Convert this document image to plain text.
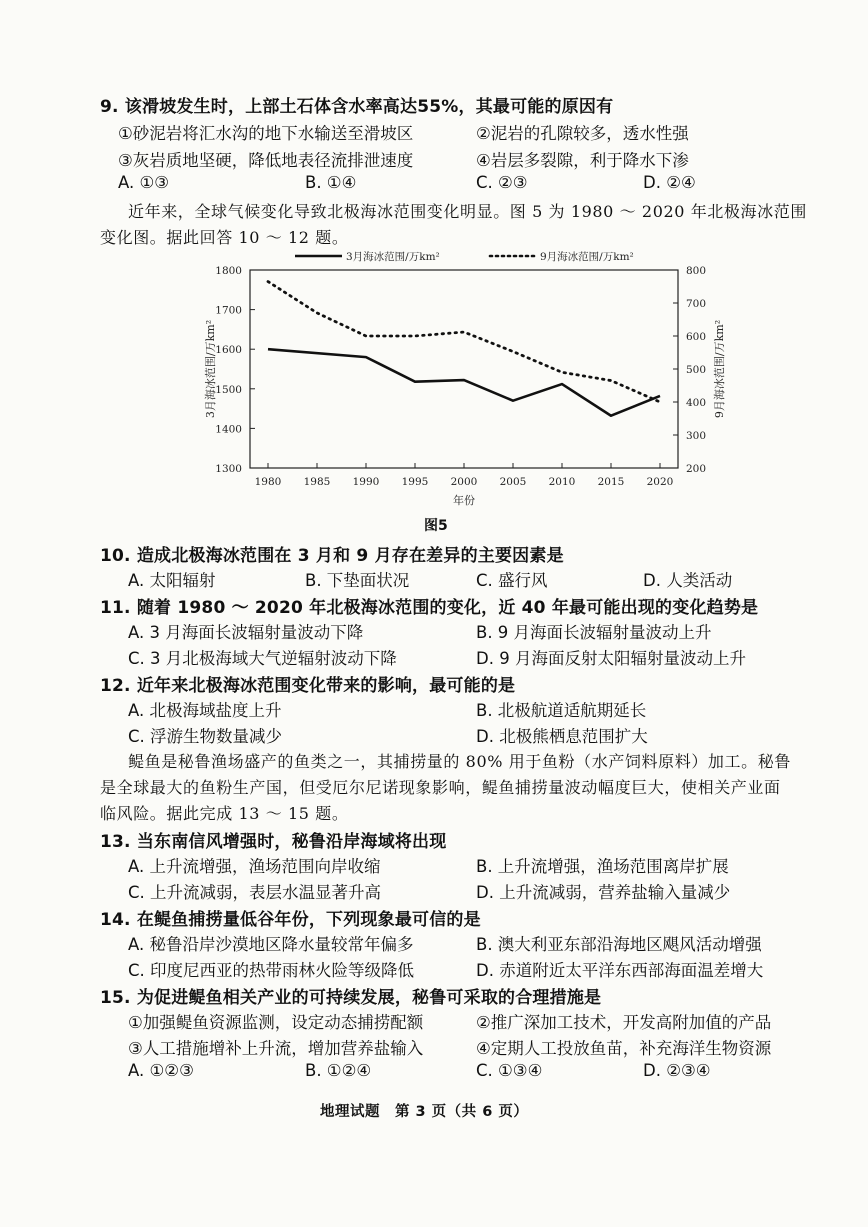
9. 该滑坡发生时，上部土石体含水率高达55%，其最可能的原因有
①砂泥岩将汇水沟的地下水输送至滑坡区	②泥岩的孔隙较多，透水性强
③灰岩质地坚硬，降低地表径流排泄速度	④岩层多裂隙，利于降水下渗
A. ①③	B. ①④	C. ②③	D. ②④
近年来，全球气候变化导致北极海冰范围变化明显。图 5 为 1980 ～ 2020 年北极海冰范围
变化图。据此回答 10 ～ 12 题。
3月海冰范围/万km²	9月海冰范围/万km²
1800
1700
1600
1500
1400
1300
800
700
600
500
400
300
200
1980 1985 1990 1995 2000 2005 2010 2015 2020
3月海冰范围/万km²	9月海冰范围/万km²
年份
图5
10. 造成北极海冰范围在 3 月和 9 月存在差异的主要因素是
A. 太阳辐射	B. 下垫面状况	C. 盛行风	D. 人类活动
11. 随着 1980 ～ 2020 年北极海冰范围的变化，近 40 年最可能出现的变化趋势是
A. 3 月海面长波辐射量波动下降	B. 9 月海面长波辐射量波动上升
C. 3 月北极海域大气逆辐射波动下降	D. 9 月海面反射太阳辐射量波动上升
12. 近年来北极海冰范围变化带来的影响，最可能的是
A. 北极海域盐度上升	B. 北极航道适航期延长
C. 浮游生物数量减少	D. 北极熊栖息范围扩大
鳀鱼是秘鲁渔场盛产的鱼类之一，其捕捞量的 80% 用于鱼粉（水产饲料原料）加工。秘鲁
是全球最大的鱼粉生产国，但受厄尔尼诺现象影响，鳀鱼捕捞量波动幅度巨大，使相关产业面
临风险。据此完成 13 ～ 15 题。
13. 当东南信风增强时，秘鲁沿岸海域将出现
A. 上升流增强，渔场范围向岸收缩	B. 上升流增强，渔场范围离岸扩展
C. 上升流减弱，表层水温显著升高	D. 上升流减弱，营养盐输入量减少
14. 在鳀鱼捕捞量低谷年份，下列现象最可信的是
A. 秘鲁沿岸沙漠地区降水量较常年偏多	B. 澳大利亚东部沿海地区飓风活动增强
C. 印度尼西亚的热带雨林火险等级降低	D. 赤道附近太平洋东西部海面温差增大
15. 为促进鳀鱼相关产业的可持续发展，秘鲁可采取的合理措施是
①加强鳀鱼资源监测，设定动态捕捞配额	②推广深加工技术，开发高附加值的产品
③人工措施增补上升流，增加营养盐输入	④定期人工投放鱼苗，补充海洋生物资源
A. ①②③	B. ①②④	C. ①③④	D. ②③④
地理试题　第 3 页（共 6 页）
